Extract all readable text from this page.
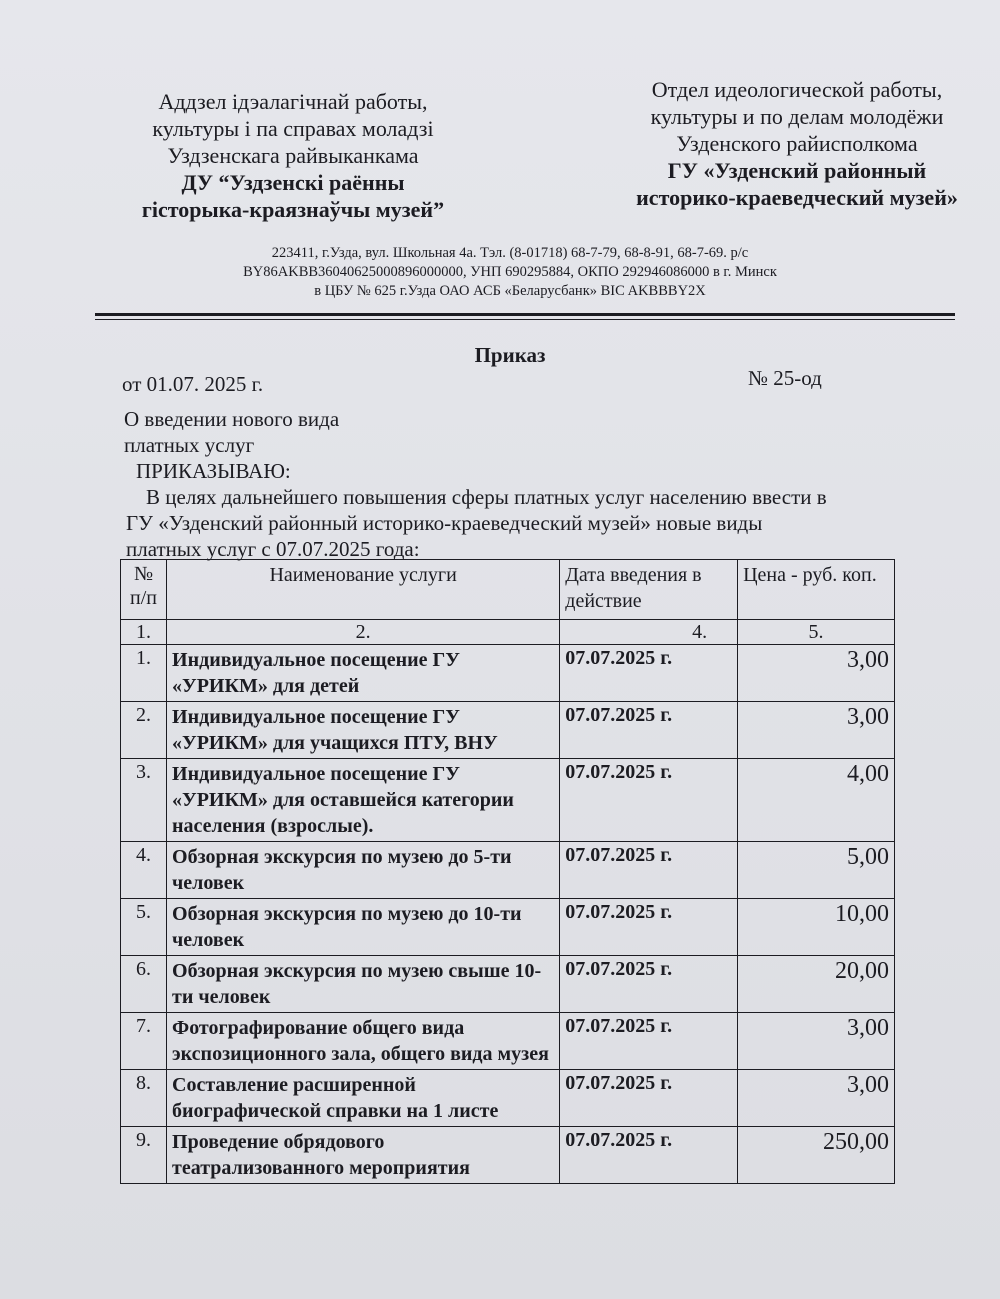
Аддзел ідэалагічнай работы,
культуры і па справах моладзі
Уздзенскага райвыканкама
ДУ “Уздзенскі раённы
гісторыка-краязнаўчы музей”
Отдел идеологической работы,
культуры и по делам молодёжи
Узденского райисполкома
ГУ «Узденский районный
историко-краеведческий музей»
223411, г.Узда, вул. Школьная 4а. Тэл. (8-01718) 68-7-79, 68-8-91, 68-7-69. р/с
BY86AKBB36040625000896000000, УНП 690295884, ОКПО 292946086000 в г. Минск
в ЦБУ № 625 г.Узда ОАО АСБ «Беларусбанк» BIC AKBBBY2X
Приказ
от 01.07. 2025 г.	№ 25-од
О введении нового вида
платных услуг
ПРИКАЗЫВАЮ:
В целях дальнейшего повышения сферы платных услуг населению ввести в
ГУ «Узденский районный историко-краеведческий музей» новые виды
платных услуг с 07.07.2025 года:
№ п/п	Наименование услуги	Дата введения в действие	Цена - руб. коп.
1.	2.	4.	5.
1.	Индивидуальное посещение ГУ «УРИКМ» для детей	07.07.2025 г.	3,00
2.	Индивидуальное посещение ГУ «УРИКМ» для учащихся ПТУ, ВНУ	07.07.2025 г.	3,00
3.	Индивидуальное посещение ГУ «УРИКМ» для оставшейся категории населения (взрослые).	07.07.2025 г.	4,00
4.	Обзорная экскурсия по музею до 5-ти человек	07.07.2025 г.	5,00
5.	Обзорная экскурсия по музею до 10-ти человек	07.07.2025 г.	10,00
6.	Обзорная экскурсия по музею свыше 10-ти человек	07.07.2025 г.	20,00
7.	Фотографирование общего вида экспозиционного зала, общего вида музея	07.07.2025 г.	3,00
8.	Составление расширенной биографической справки на 1 листе	07.07.2025 г.	3,00
9.	Проведение обрядового театрализованного мероприятия	07.07.2025 г.	250,00
